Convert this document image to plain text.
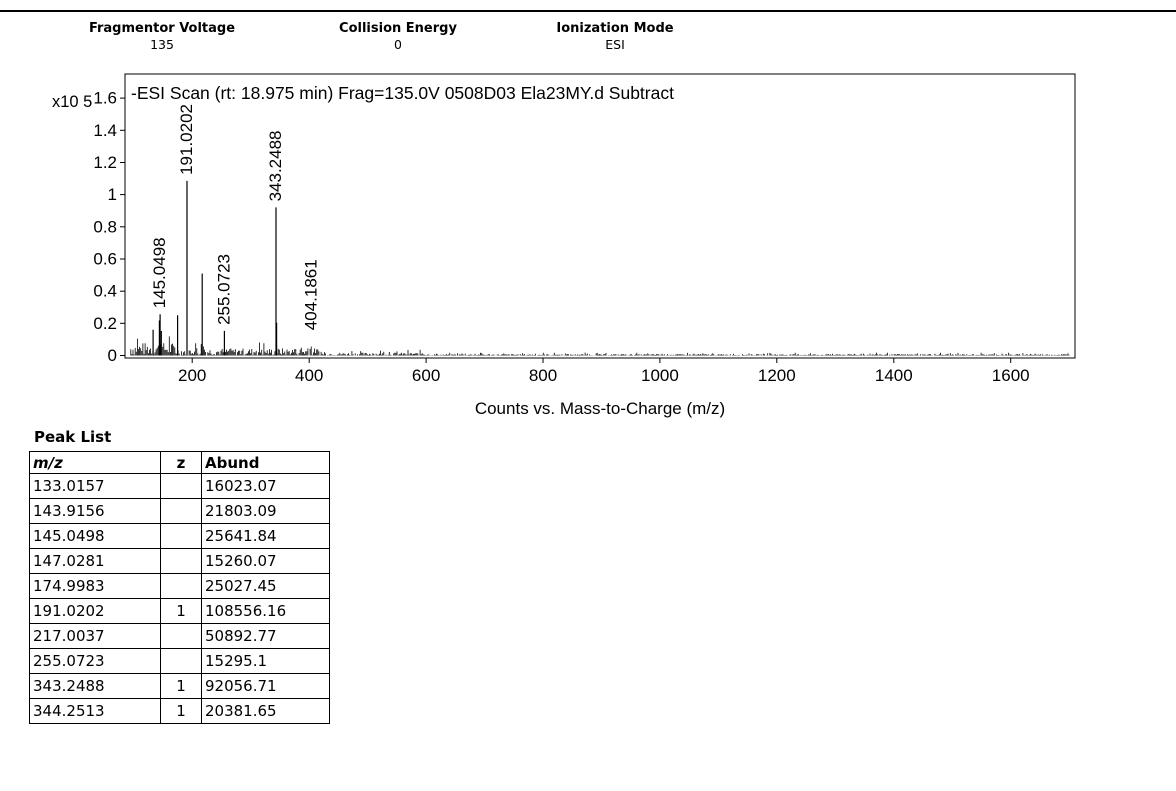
Fragmentor Voltage
135
Collision Energy
0
Ionization Mode
ESI
145.0498
191.0202
255.0723
343.2488
404.1861
200	400	600	800	1000	1200	1400	1600
0
0.2
0.4
0.6
0.8
1
1.2
1.4
1.6 -ESI Scan (rt: 18.975 min) Frag=135.0V 0508D03 Ela23MY.d Subtract
x10 5
Counts vs. Mass-to-Charge (m/z)
Peak List
m/z	z	Abund
133.0157		16023.07
143.9156		21803.09
145.0498		25641.84
147.0281		15260.07
174.9983		25027.45
191.0202	1	108556.16
217.0037		50892.77
255.0723		15295.1
343.2488	1	92056.71
344.2513	1	20381.65
